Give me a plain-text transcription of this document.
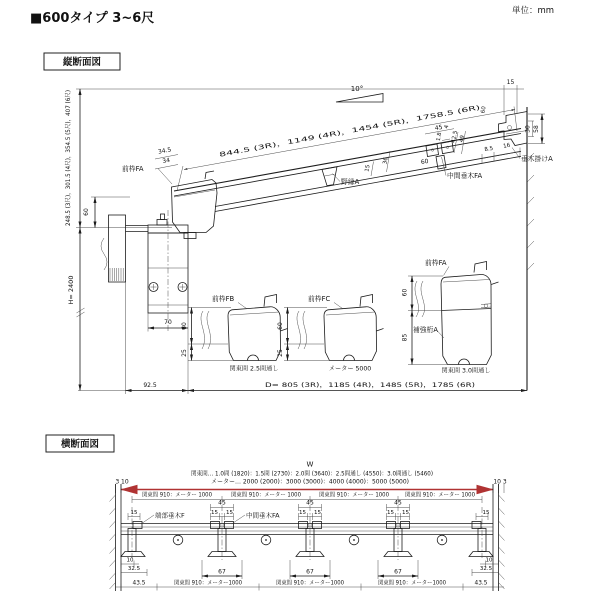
■600タイプ 3~6尺	単位：mm
縦断面図
10°
844.5 (3R)，1149 (4R)，1454 (5R)，1758.5 (6R)
248.5 (3尺)，301.5 (4尺)，354.5 (5尺)，407 (6尺) 60
H= 2400
前枠FA
34.5
34
70
野縁A
15
36
45 4
1.8 42.5 49
60
中間垂木FA
15
58
30
8.5 16
60
垂木掛けA
92.5	D= 805 (3R)，1185 (4R)，1485 (5R)，1785 (6R)
60
25
前枠FB
関東間 2.5間通し
60
25
前枠FC
メーター 5000
60
85
前枠FA
補強桁A
関東間 3.0間通し
横断面図
W
関東間… 1.0間 (1820)：1.5間 (2730)：2.0間 (3640)：2.5間通し (4550)：3.0間通し (5460)
メーター… 2000 (2000)：3000 (3000)：4000 (4000)：5000 (5000)
3 10	10 3
関東間 910：メーター 1000 関東間 910：メーター 1000 関東間 910：メーター 1000 関東間 910：メーター 1000
15	15
45
15 15
67
45
15 15
67
45
15 15
67
端部垂木F	中間垂木FA
10
32.5
10
32.5
43.5	関東間 910：メーター1000	関東間 910：メーター1000	関東間 910：メーター1000	43.5
